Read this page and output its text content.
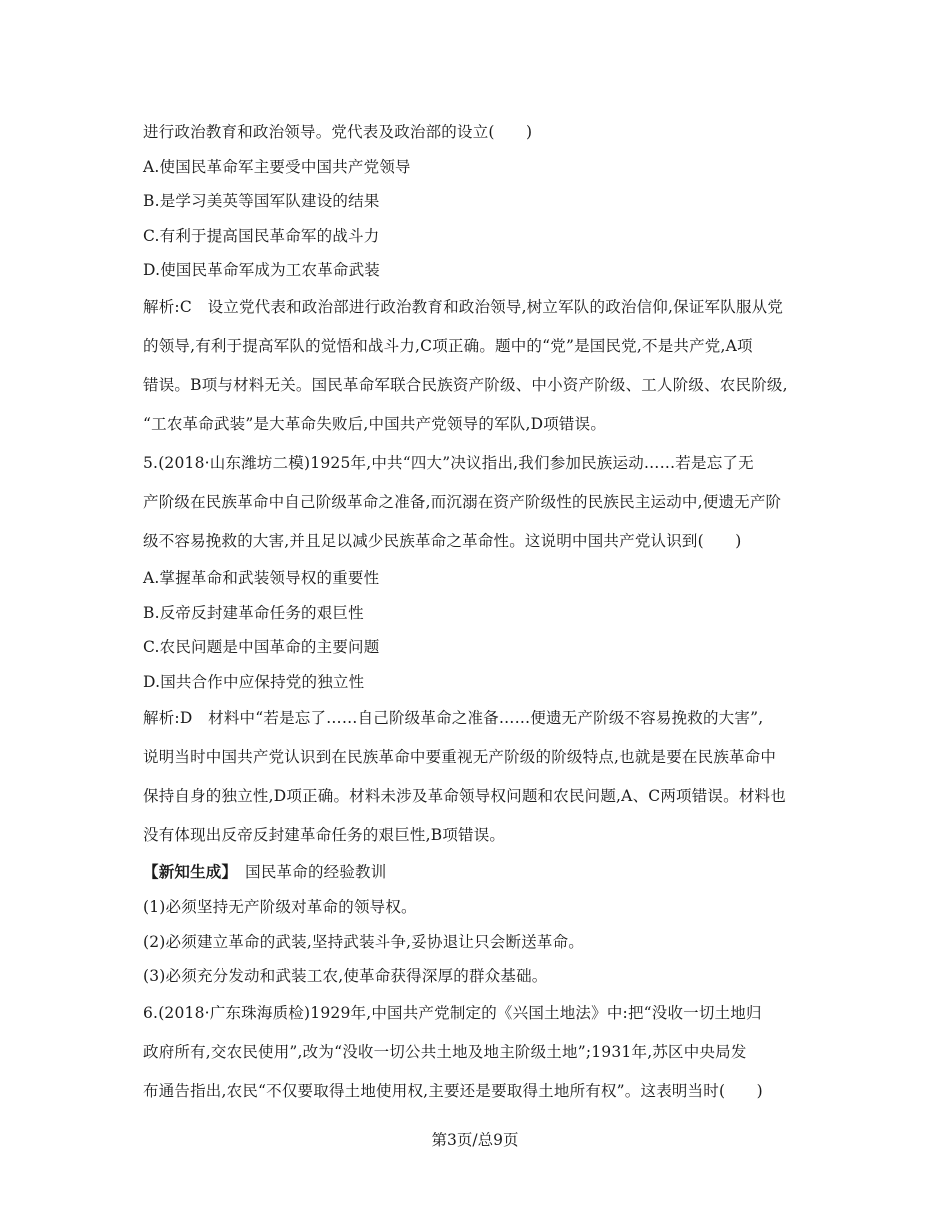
进行政治教育和政治领导。党代表及政治部的设立(　　)

A.使国民革命军主要受中国共产党领导

B.是学习美英等国军队建设的结果

C.有利于提高国民革命军的战斗力

D.使国民革命军成为工农革命武装

解析:C　设立党代表和政治部进行政治教育和政治领导,树立军队的政治信仰,保证军队服从党

的领导,有利于提高军队的觉悟和战斗力,C项正确。题中的“党”是国民党,不是共产党,A项

错误。B项与材料无关。国民革命军联合民族资产阶级、中小资产阶级、工人阶级、农民阶级,

“工农革命武装”是大革命失败后,中国共产党领导的军队,D项错误。

5.(2018·山东潍坊二模)1925年,中共“四大”决议指出,我们参加民族运动……若是忘了无

产阶级在民族革命中自己阶级革命之准备,而沉溺在资产阶级性的民族民主运动中,便遗无产阶

级不容易挽救的大害,并且足以减少民族革命之革命性。这说明中国共产党认识到(　　)

A.掌握革命和武装领导权的重要性

B.反帝反封建革命任务的艰巨性

C.农民问题是中国革命的主要问题

D.国共合作中应保持党的独立性

解析:D　材料中“若是忘了……自己阶级革命之准备……便遗无产阶级不容易挽救的大害”,

说明当时中国共产党认识到在民族革命中要重视无产阶级的阶级特点,也就是要在民族革命中

保持自身的独立性,D项正确。材料未涉及革命领导权问题和农民问题,A、C两项错误。材料也

没有体现出反帝反封建革命任务的艰巨性,B项错误。

【新知生成】  国民革命的经验教训

(1)必须坚持无产阶级对革命的领导权。

(2)必须建立革命的武装,坚持武装斗争,妥协退让只会断送革命。

(3)必须充分发动和武装工农,使革命获得深厚的群众基础。

6.(2018·广东珠海质检)1929年,中国共产党制定的《兴国土地法》中:把“没收一切土地归

政府所有,交农民使用”,改为“没收一切公共土地及地主阶级土地”;1931年,苏区中央局发

布通告指出,农民“不仅要取得土地使用权,主要还是要取得土地所有权”。这表明当时(　　)

第3页/总9页
